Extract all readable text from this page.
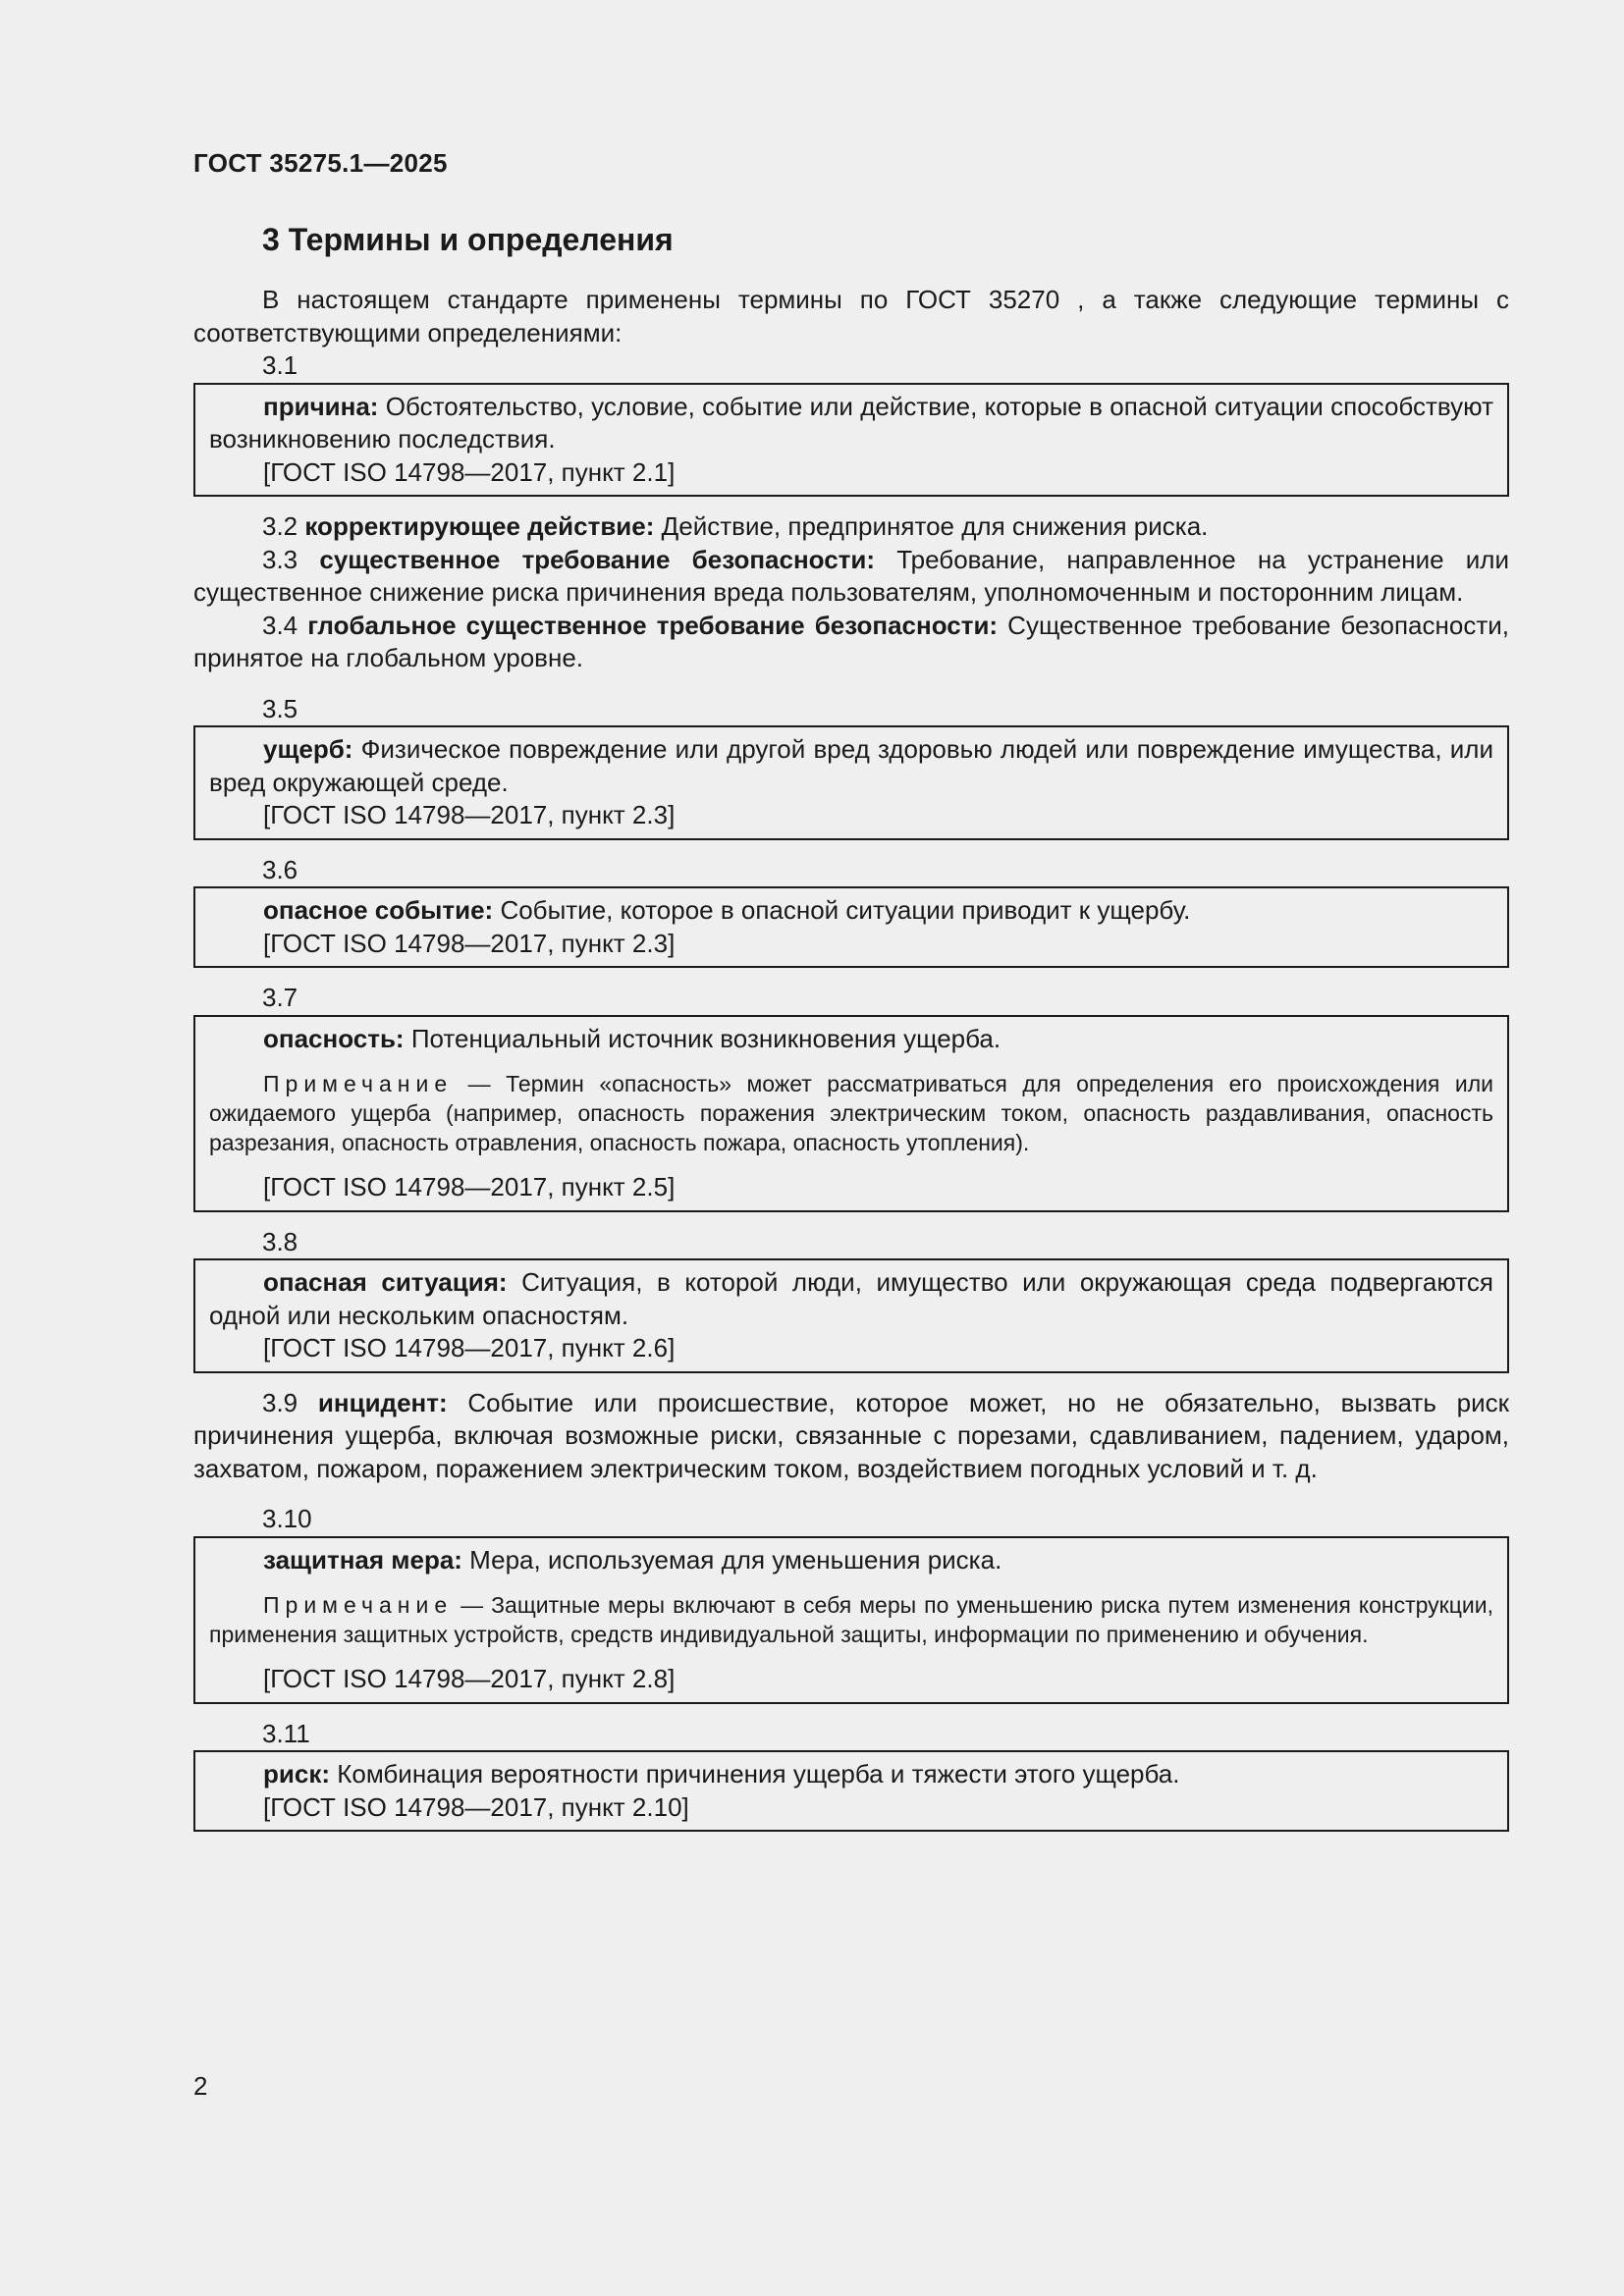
ГОСТ 35275.1—2025
3 Термины и определения

В настоящем стандарте применены термины по ГОСТ 35270 , а также следующие термины с соответствующими определениями:

3.1

причина: Обстоятельство, условие, событие или действие, которые в опасной ситуации способствуют возникновению последствия.

[ГОСТ ISO 14798—2017, пункт 2.1]

3.2 корректирующее действие: Действие, предпринятое для снижения риска.

3.3 существенное требование безопасности: Требование, направленное на устранение или существенное снижение риска причинения вреда пользователям, уполномоченным и посторонним лицам.

3.4 глобальное существенное требование безопасности: Существенное требование безопасности, принятое на глобальном уровне.

3.5

ущерб: Физическое повреждение или другой вред здоровью людей или повреждение имущества, или вред окружающей среде.

[ГОСТ ISO 14798—2017, пункт 2.3]

3.6

опасное событие: Событие, которое в опасной ситуации приводит к ущербу.

[ГОСТ ISO 14798—2017, пункт 2.3]

3.7

опасность: Потенциальный источник возникновения ущерба.

Примечание — Термин «опасность» может рассматриваться для определения его происхождения или ожидаемого ущерба (например, опасность поражения электрическим током, опасность раздавливания, опасность разрезания, опасность отравления, опасность пожара, опасность утопления).

[ГОСТ ISO 14798—2017, пункт 2.5]

3.8

опасная ситуация: Ситуация, в которой люди, имущество или окружающая среда подвергаются одной или нескольким опасностям.

[ГОСТ ISO 14798—2017, пункт 2.6]

3.9 инцидент: Событие или происшествие, которое может, но не обязательно, вызвать риск причинения ущерба, включая возможные риски, связанные с порезами, сдавливанием, падением, ударом, захватом, пожаром, поражением электрическим током, воздействием погодных условий и т. д.

3.10

защитная мера: Мера, используемая для уменьшения риска.

Примечание — Защитные меры включают в себя меры по уменьшению риска путем изменения конструкции, применения защитных устройств, средств индивидуальной защиты, информации по применению и обучения.

[ГОСТ ISO 14798—2017, пункт 2.8]

3.11

риск: Комбинация вероятности причинения ущерба и тяжести этого ущерба.

[ГОСТ ISO 14798—2017, пункт 2.10]

2
